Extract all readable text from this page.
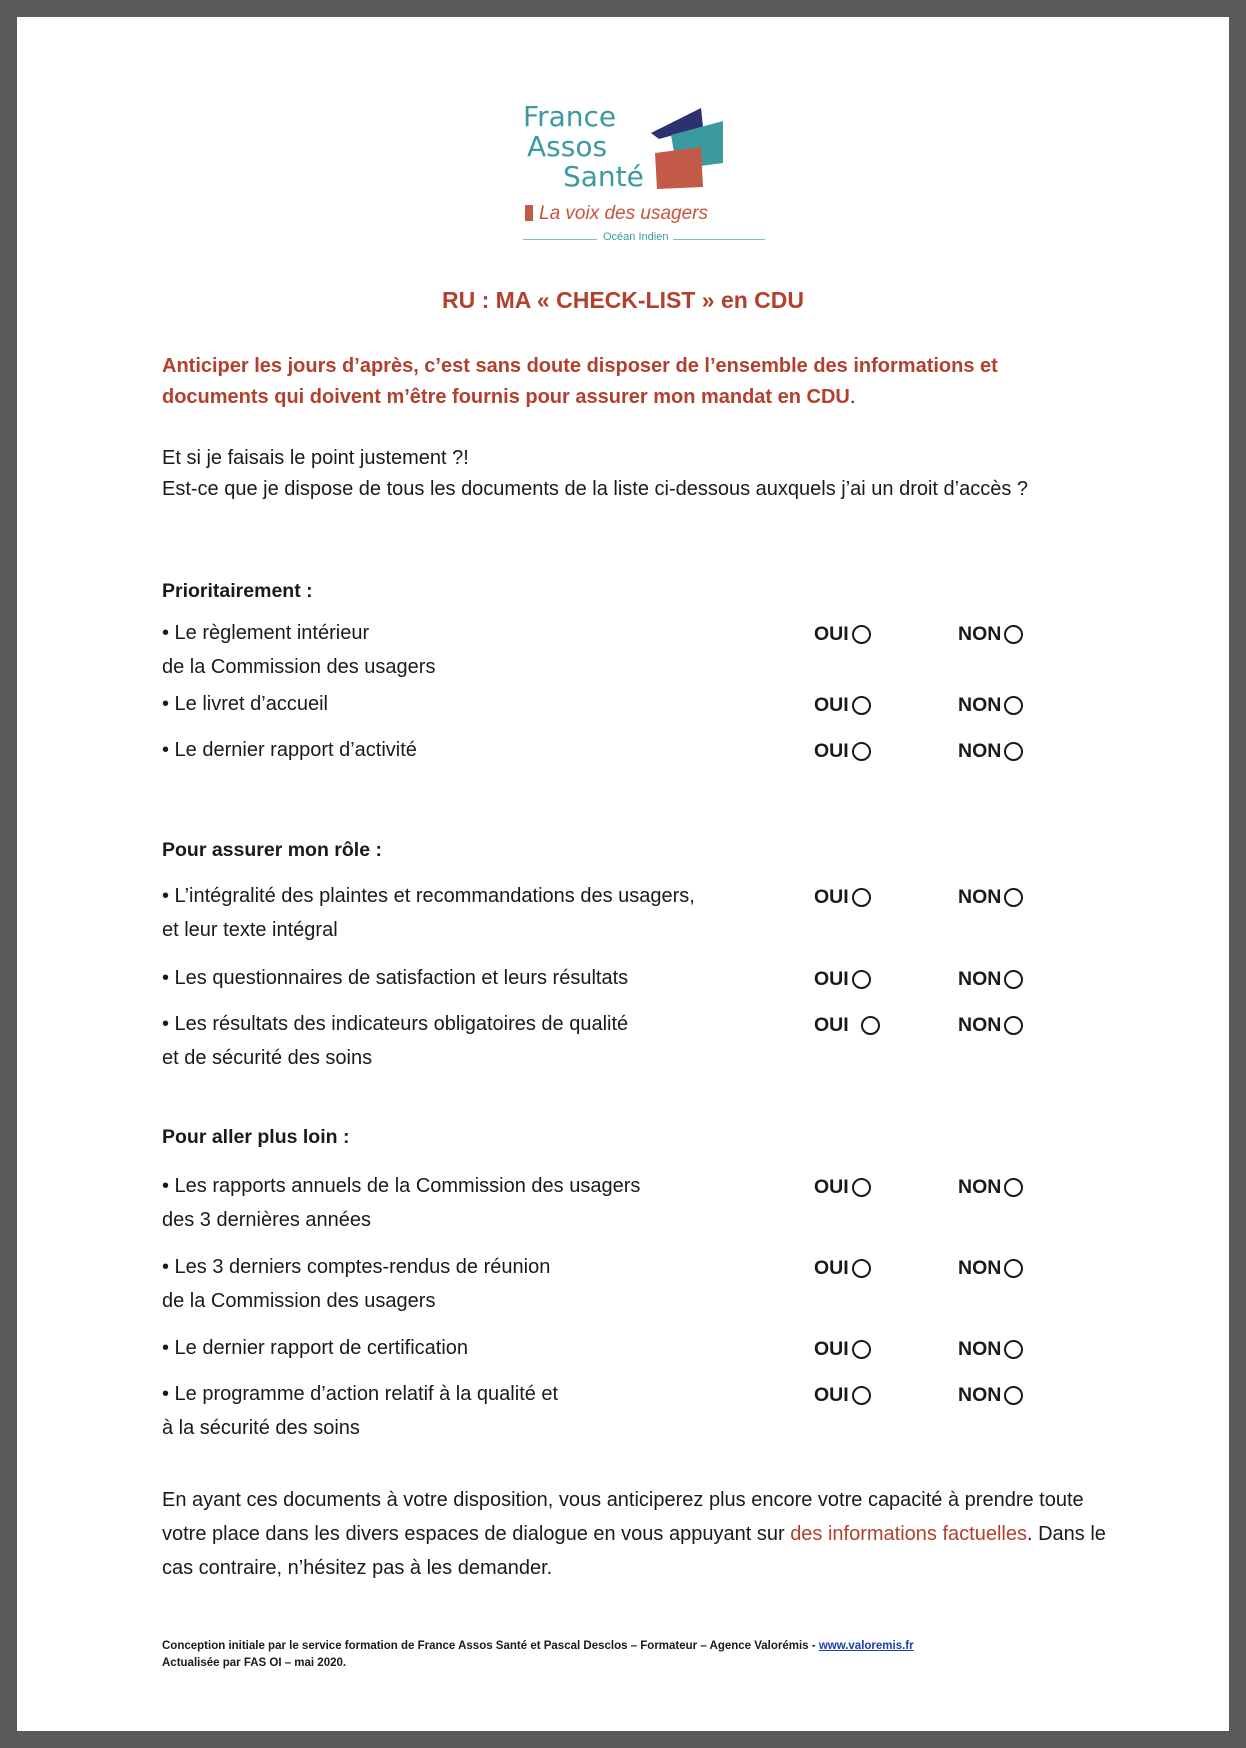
France
Assos
Santé
La voix des usagers
Océan Indien
RU : MA « CHECK-LIST » en CDU
Anticiper les jours d’après, c’est sans doute disposer de l’ensemble des informations et documents qui doivent m’être fournis pour assurer mon mandat en CDU.
Et si je faisais le point justement ?!
Est-ce que je dispose de tous les documents de la liste ci-dessous auxquels j’ai un droit d’accès ?
Prioritairement :
• Le règlement intérieur
de la Commission des usagers
OUI	NON
• Le livret d’accueil	OUI	NON
• Le dernier rapport d’activité	OUI	NON
Pour assurer mon rôle :
• L’intégralité des plaintes et recommandations des usagers,
et leur texte intégral
OUI	NON
• Les questionnaires de satisfaction et leurs résultats	OUI	NON
• Les résultats des indicateurs obligatoires de qualité
et de sécurité des soins
OUI	NON
Pour aller plus loin :
• Les rapports annuels de la Commission des usagers
des 3 dernières années
OUI	NON
• Les 3 derniers comptes-rendus de réunion
de la Commission des usagers
OUI	NON
• Le dernier rapport de certification	OUI	NON
• Le programme d’action relatif à la qualité et
à la sécurité des soins
OUI	NON
En ayant ces documents à votre disposition, vous anticiperez plus encore votre capacité à prendre toute votre place dans les divers espaces de dialogue en vous appuyant sur des informations factuelles. Dans le cas contraire, n’hésitez pas à les demander.
Conception initiale par le service formation de France Assos Santé et Pascal Desclos – Formateur – Agence Valorémis - www.valoremis.fr
Actualisée par FAS OI – mai 2020.
